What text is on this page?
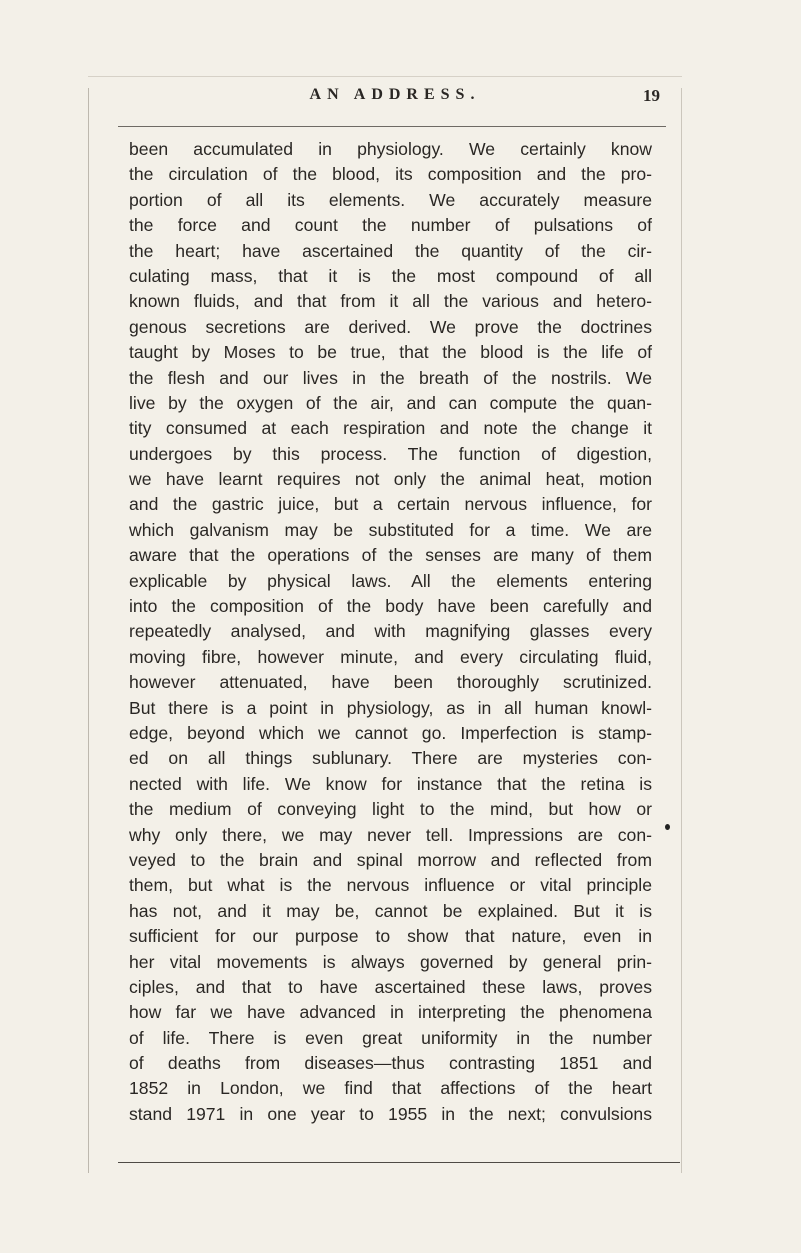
AN ADDRESS.	19
been accumulated in physiology. We certainly know
the circulation of the blood, its composition and the pro-
portion of all its elements. We accurately measure
the force and count the number of pulsations of
the heart; have ascertained the quantity of the cir-
culating mass, that it is the most compound of all
known fluids, and that from it all the various and hetero-
genous secretions are derived. We prove the doctrines
taught by Moses to be true, that the blood is the life of
the flesh and our lives in the breath of the nostrils. We
live by the oxygen of the air, and can compute the quan-
tity consumed at each respiration and note the change it
undergoes by this process. The function of digestion,
we have learnt requires not only the animal heat, motion
and the gastric juice, but a certain nervous influence, for
which galvanism may be substituted for a time. We are
aware that the operations of the senses are many of them
explicable by physical laws. All the elements entering
into the composition of the body have been carefully and
repeatedly analysed, and with magnifying glasses every
moving fibre, however minute, and every circulating fluid,
however attenuated, have been thoroughly scrutinized.
But there is a point in physiology, as in all human knowl-
edge, beyond which we cannot go. Imperfection is stamp-
ed on all things sublunary. There are mysteries con-
nected with life. We know for instance that the retina is
the medium of conveying light to the mind, but how or
why only there, we may never tell. Impressions are con-
veyed to the brain and spinal morrow and reflected from
them, but what is the nervous influence or vital principle
has not, and it may be, cannot be explained. But it is
sufficient for our purpose to show that nature, even in
her vital movements is always governed by general prin-
ciples, and that to have ascertained these laws, proves
how far we have advanced in interpreting the phenomena
of life. There is even great uniformity in the number
of deaths from diseases—thus contrasting 1851 and
1852 in London, we find that affections of the heart
stand 1971 in one year to 1955 in the next; convulsions
